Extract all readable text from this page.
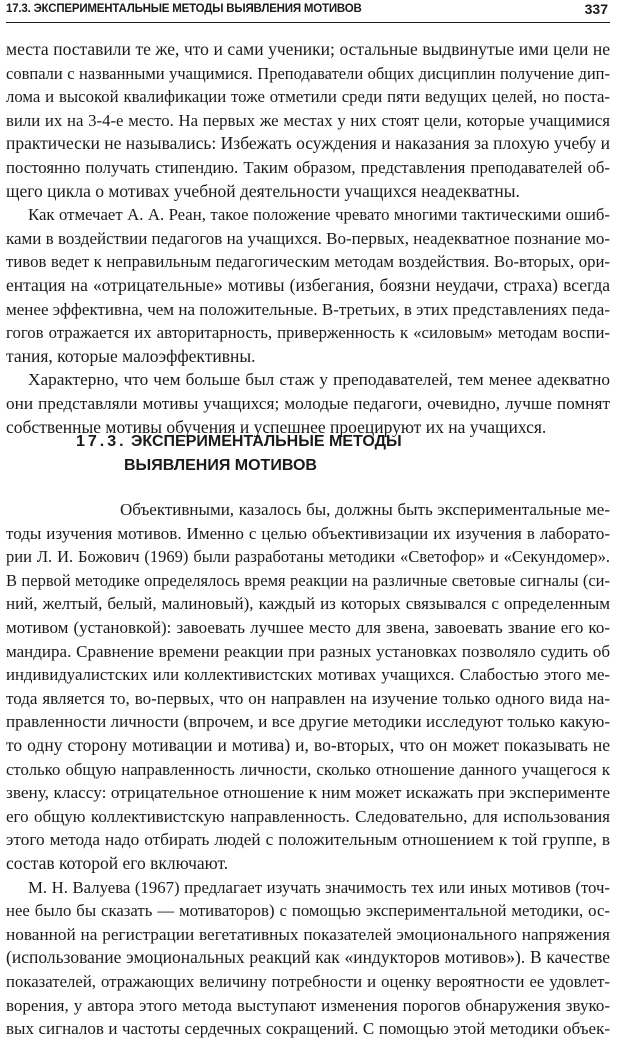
17.3. ЭКСПЕРИМЕНТАЛЬНЫЕ МЕТОДЫ ВЫЯВЛЕНИЯ МОТИВОВ	337
места поставили те же, что и сами ученики; остальные выдвинутые ими цели не
совпали с названными учащимися. Преподаватели общих дисциплин получение дип-
лома и высокой квалификации тоже отметили среди пяти ведущих целей, но поста-
вили их на 3-4-е место. На первых же местах у них стоят цели, которые учащимися
практически не назывались: Избежать осуждения и наказания за плохую учебу и
постоянно получать стипендию. Таким образом, представления преподавателей об-
щего цикла о мотивах учебной деятельности учащихся неадекватны.
Как отмечает А. А. Реан, такое положение чревато многими тактическими ошиб-
ками в воздействии педагогов на учащихся. Во-первых, неадекватное познание мо-
тивов ведет к неправильным педагогическим методам воздействия. Во-вторых, ори-
ентация на «отрицательные» мотивы (избегания, боязни неудачи, страха) всегда
менее эффективна, чем на положительные. В-третьих, в этих представлениях педа-
гогов отражается их авторитарность, приверженность к «силовым» методам воспи-
тания, которые малоэффективны.
Характерно, что чем больше был стаж у преподавателей, тем менее адекватно
они представляли мотивы учащихся; молодые педагоги, очевидно, лучше помнят
собственные мотивы обучения и успешнее проецируют их на учащихся.
17.3. ЭКСПЕРИМЕНТАЛЬНЫЕ МЕТОДЫ
ВЫЯВЛЕНИЯ МОТИВОВ
Объективными, казалось бы, должны быть экспериментальные ме-
тоды изучения мотивов. Именно с целью объективизации их изучения в лаборато-
рии Л. И. Божович (1969) были разработаны методики «Светофор» и «Секундомер».
В первой методике определялось время реакции на различные световые сигналы (си-
ний, желтый, белый, малиновый), каждый из которых связывался с определенным
мотивом (установкой): завоевать лучшее место для звена, завоевать звание его ко-
мандира. Сравнение времени реакции при разных установках позволяло судить об
индивидуалистских или коллективистских мотивах учащихся. Слабостью этого ме-
тода является то, во-первых, что он направлен на изучение только одного вида на-
правленности личности (впрочем, и все другие методики исследуют только какую-
то одну сторону мотивации и мотива) и, во-вторых, что он может показывать не
столько общую направленность личности, сколько отношение данного учащегося к
звену, классу: отрицательное отношение к ним может искажать при эксперименте
его общую коллективистскую направленность. Следовательно, для использования
этого метода надо отбирать людей с положительным отношением к той группе, в
состав которой его включают.
М. Н. Валуева (1967) предлагает изучать значимость тех или иных мотивов (точ-
нее было бы сказать — мотиваторов) с помощью экспериментальной методики, ос-
нованной на регистрации вегетативных показателей эмоционального напряжения
(использование эмоциональных реакций как «индукторов мотивов»). В качестве
показателей, отражающих величину потребности и оценку вероятности ее удовлет-
ворения, у автора этого метода выступают изменения порогов обнаружения звуко-
вых сигналов и частоты сердечных сокращений. С помощью этой методики объек-
